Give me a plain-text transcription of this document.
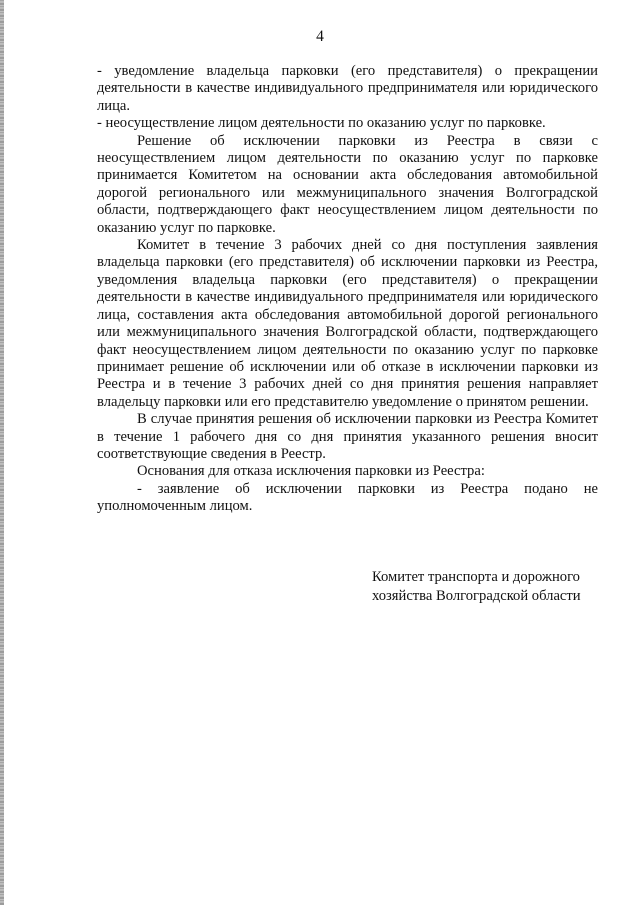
4

- уведомление владельца парковки (его представителя) о прекращении деятельности в качестве индивидуального предпринимателя или юридического лица.

- неосуществление лицом деятельности по оказанию услуг по парковке.

Решение об исключении парковки из Реестра в связи с неосуществлением лицом деятельности по оказанию услуг по парковке принимается Комитетом на основании акта обследования автомобильной дорогой регионального или межмуниципального значения Волгоградской области, подтверждающего факт неосуществлением лицом деятельности по оказанию услуг по парковке.

Комитет в течение 3 рабочих дней со дня поступления заявления владельца парковки (его представителя) об исключении парковки из Реестра, уведомления владельца парковки (его представителя) о прекращении деятельности в качестве индивидуального предпринимателя или юридического лица, составления акта обследования автомобильной дорогой регионального или межмуниципального значения Волгоградской области, подтверждающего факт неосуществлением лицом деятельности по оказанию услуг по парковке принимает решение об исключении или об отказе в исключении парковки из Реестра и в течение 3 рабочих дней со дня принятия решения направляет владельцу парковки или его представителю уведомление о принятом решении.

В случае принятия решения об исключении парковки из Реестра Комитет в течение 1 рабочего дня со дня принятия указанного решения вносит соответствующие сведения в Реестр.

Основания для отказа исключения парковки из Реестра:

- заявление об исключении парковки из Реестра подано не уполномоченным лицом.

Комитет транспорта и дорожного
хозяйства Волгоградской области
